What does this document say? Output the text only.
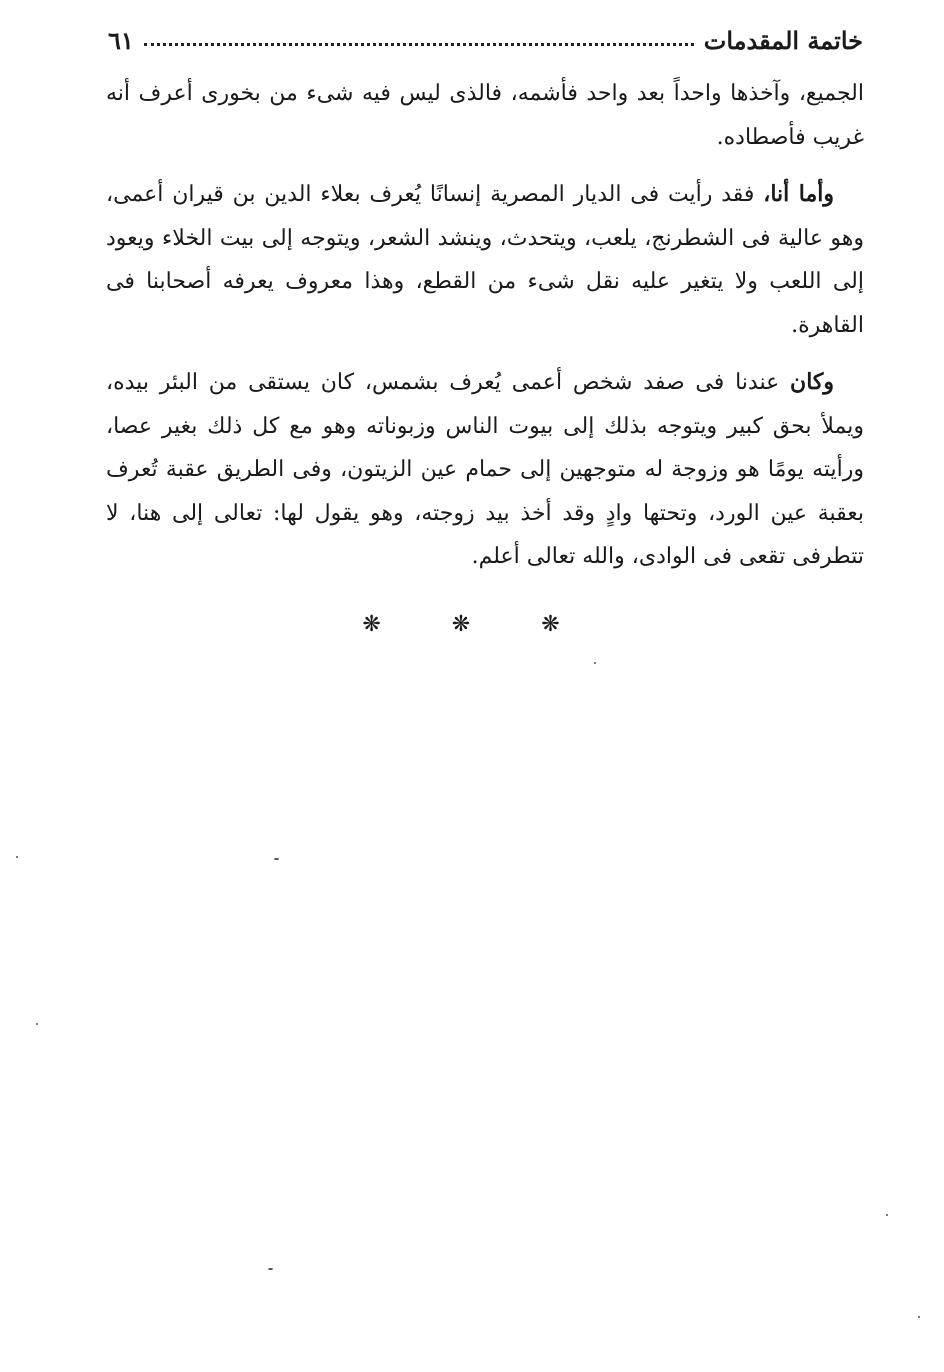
خاتمة المقدمات
٦١

الجميع، وآخذها واحداً بعد واحد فأشمه، فالذى ليس فيه شىء من بخورى أعرف أنه غريب فأصطاده.

وأما أنا، فقد رأيت فى الديار المصرية إنسانًا يُعرف بعلاء الدين بن قيران أعمى، وهو عالية فى الشطرنج، يلعب، ويتحدث، وينشد الشعر، ويتوجه إلى بيت الخلاء ويعود إلى اللعب ولا يتغير عليه نقل شىء من القطع، وهذا معروف يعرفه أصحابنا فى القاهرة.

وكان عندنا فى صفد شخص أعمى يُعرف بشمس، كان يستقى من البئر بيده، ويملأ بحق كبير ويتوجه بذلك إلى بيوت الناس وزبوناته وهو مع كل ذلك بغير عصا، ورأيته يومًا هو وزوجة له متوجهين إلى حمام عين الزيتون، وفى الطريق عقبة تُعرف بعقبة عين الورد، وتحتها وادٍ وقد أخذ بيد زوجته، وهو يقول لها: تعالى إلى هنا، لا تتطرفى تقعى فى الوادى، والله تعالى أعلم.

❋ ❋ ❋
